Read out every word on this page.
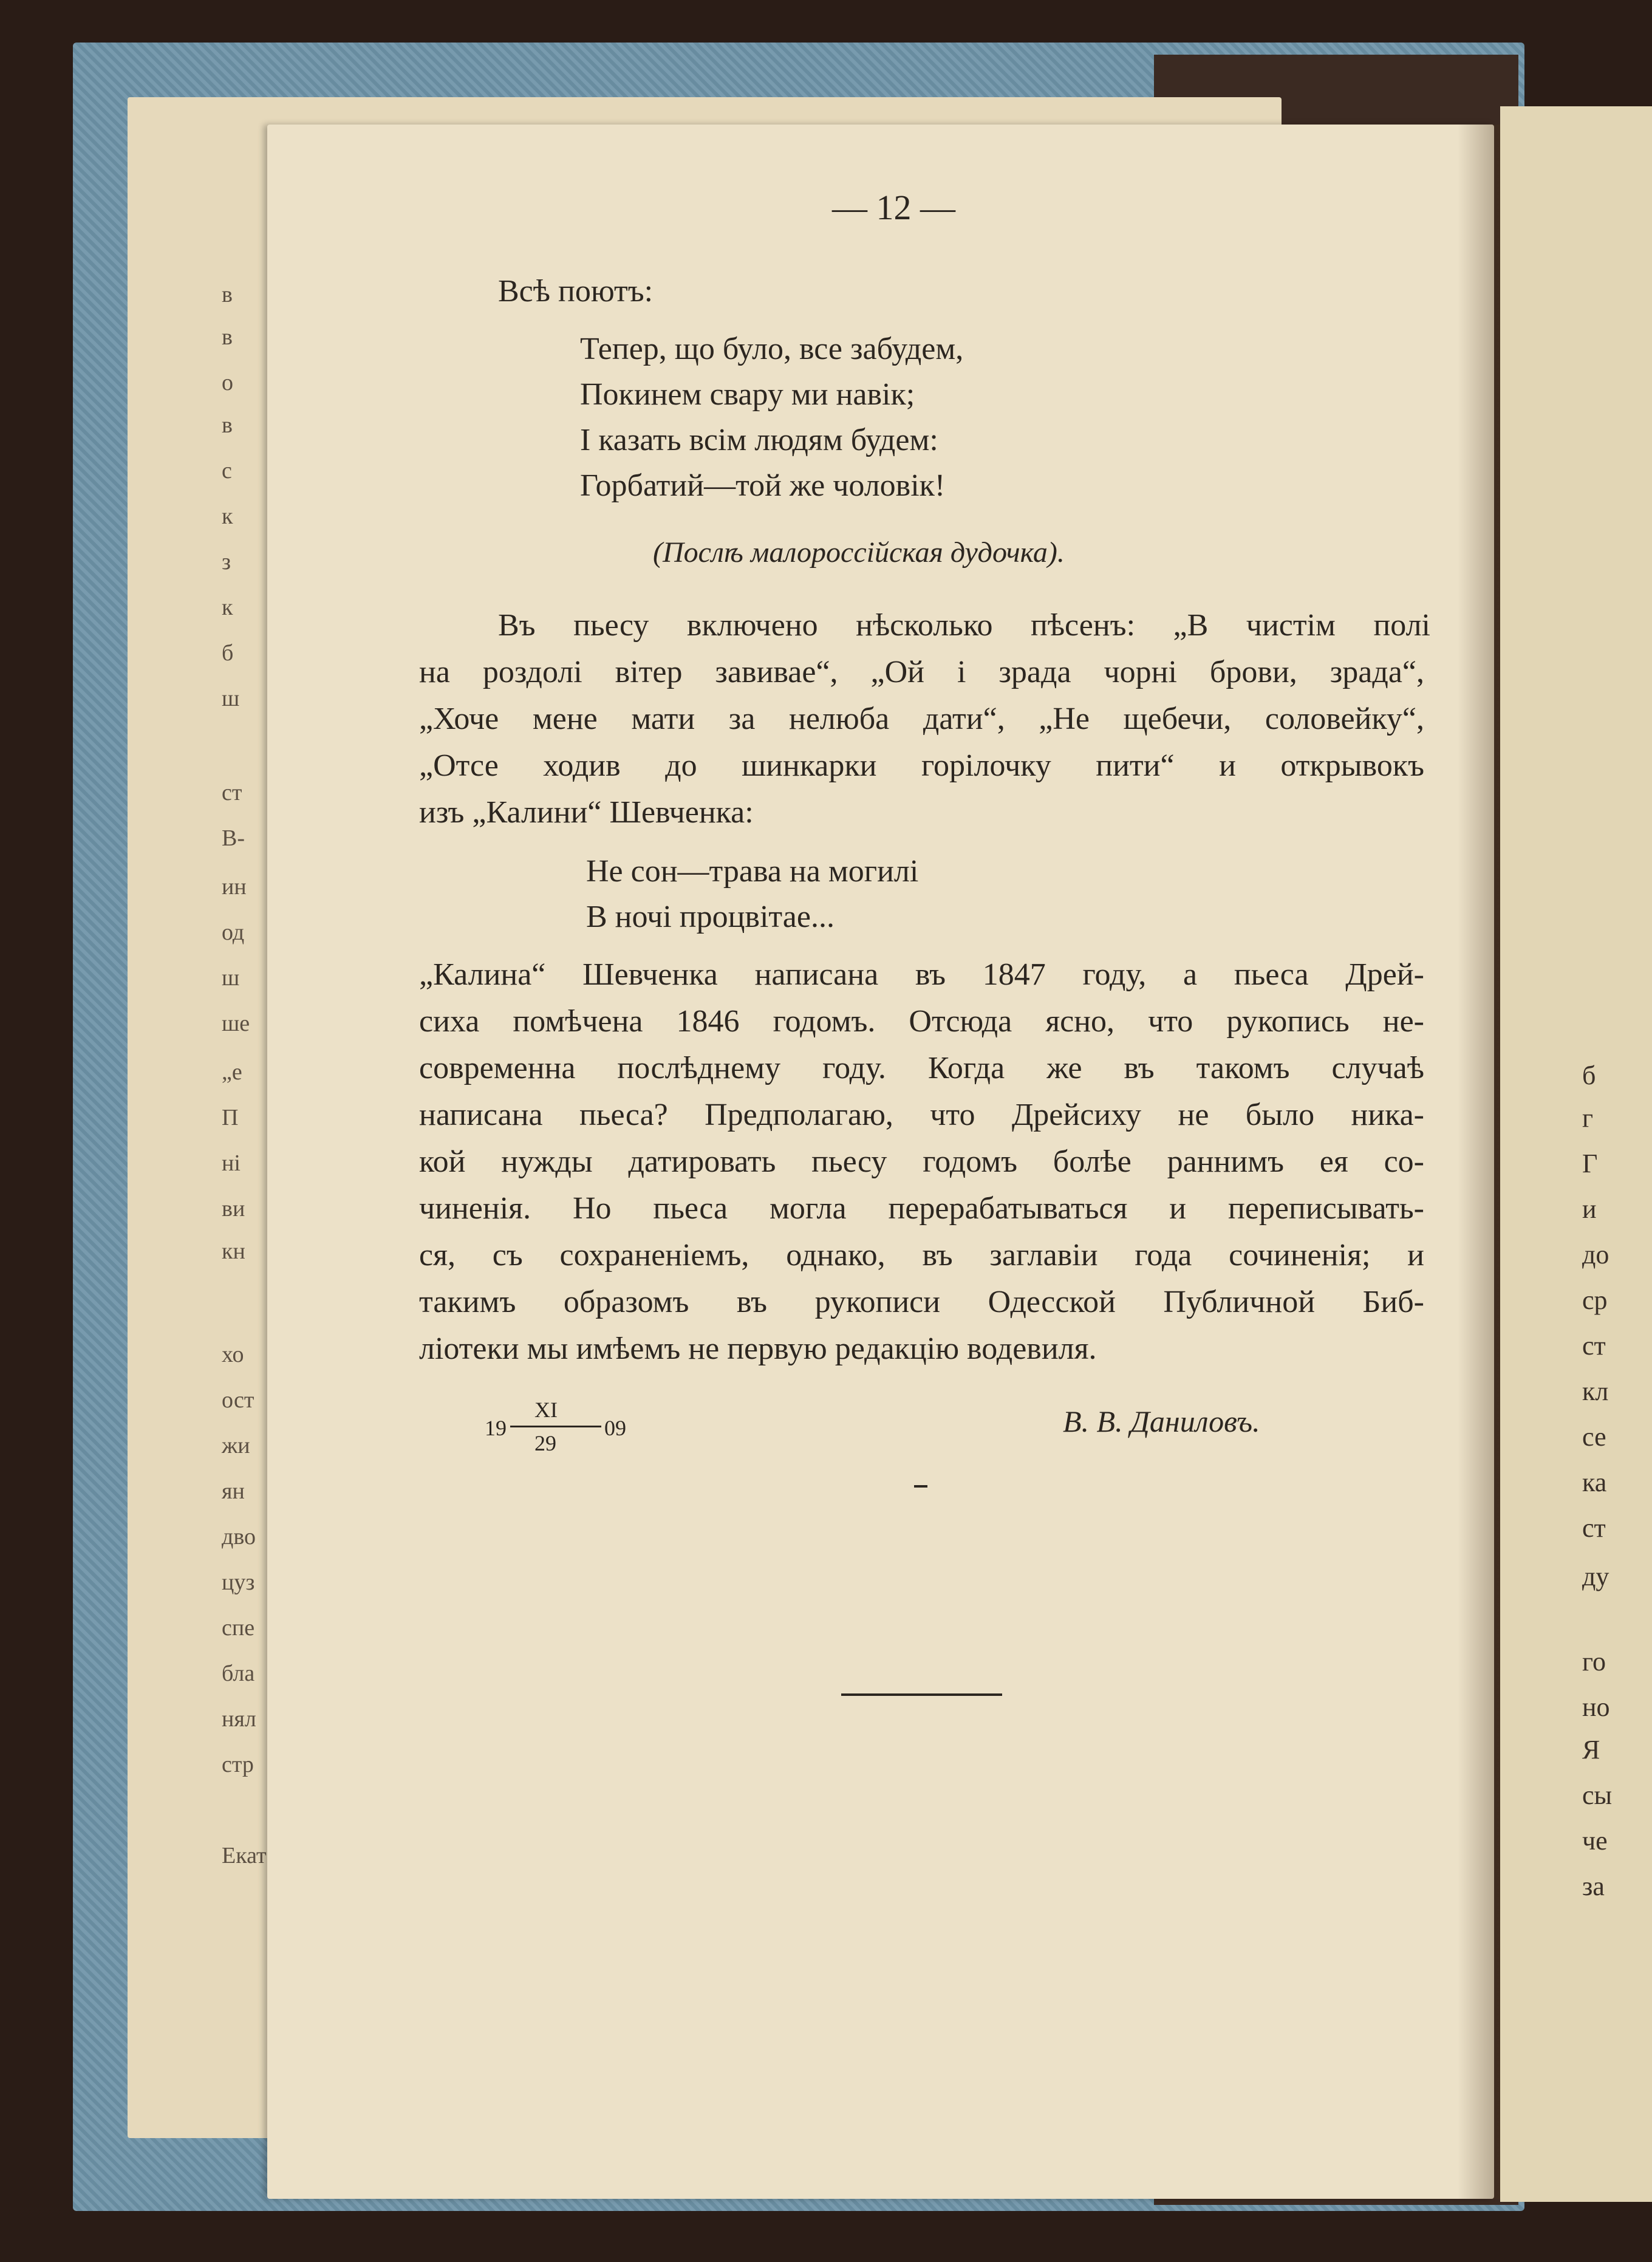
б
г
Г
и
до
ср
ст
кл
се
ка
ст
ду
го
но
Я
сы
че
за
— 12 —
Всѣ поютъ:
Тепер, що було, все забудем,
Покинем свару ми навік;
І казать всім людям будем:
Горбатий—той же чоловік!
(Послѣ малороссійская дудочка).
Въ пьесу включено нѣсколько пѣсенъ: „В чистім полі
на роздолі вітер завивае“, „Ой і зрада чорні брови, зрада“,
„Хоче мене мати за нелюба дати“, „Не щебечи, соловейку“,
„Отсе ходив до шинкарки горілочку пити“ и открывокъ
изъ „Калини“ Шевченка:
Не сон—трава на могилі
В ночі процвітае...
„Калина“ Шевченка написана въ 1847 году, а пьеса Дрей-
сиха помѣчена 1846 годомъ. Отсюда ясно, что рукопись не-
современна послѣднему году. Когда же въ такомъ случаѣ
написана пьеса? Предполагаю, что Дрейсиху не было ника-
кой нужды датировать пьесу годомъ болѣе раннимъ ея со-
чиненія. Но пьеса могла перерабатываться и переписывать-
ся, съ сохраненіемъ, однако, въ заглавіи года сочиненія; и
такимъ образомъ въ рукописи Одесской Публичной Биб-
ліотеки мы имѣемъ не первую редакцію водевиля.
19
XI
29
09	В. В. Даниловъ.
